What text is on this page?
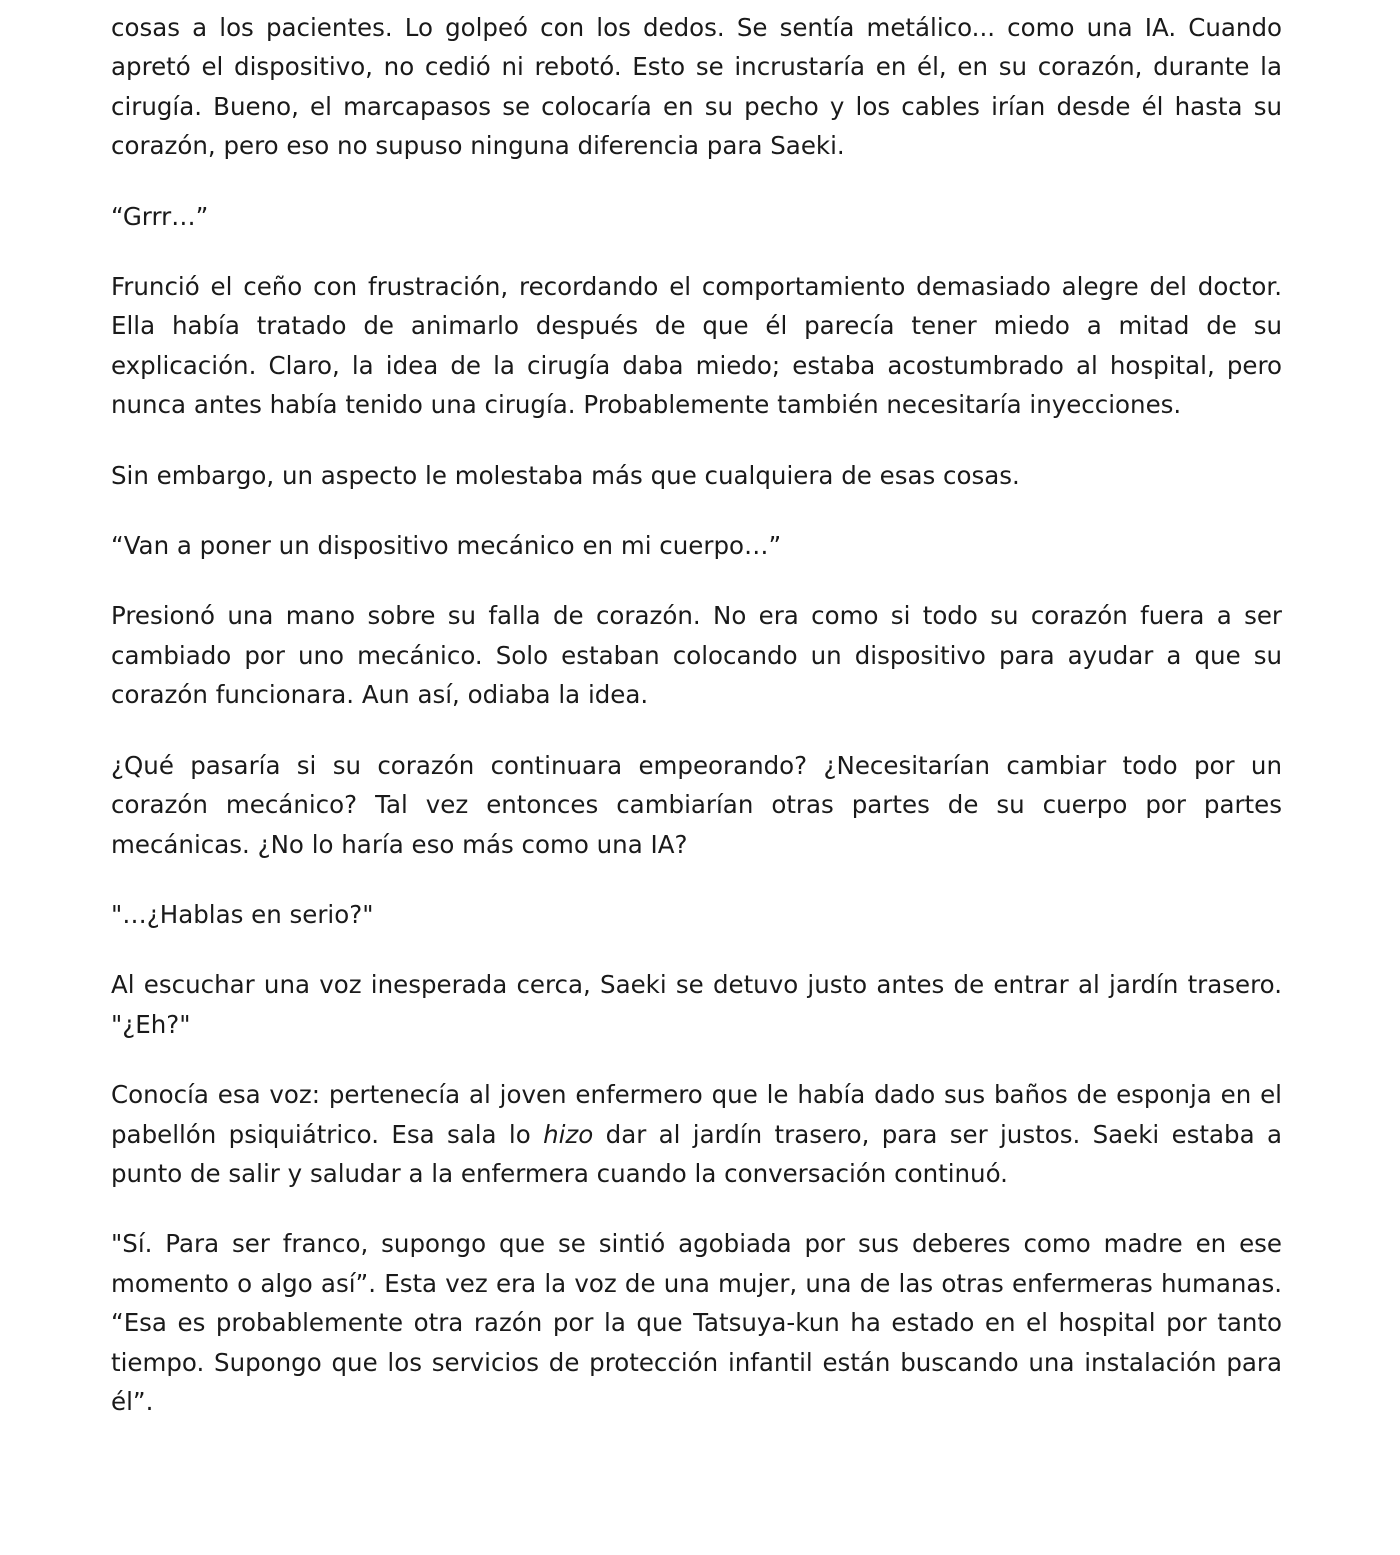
cosas a los pacientes. Lo golpeó con los dedos. Se sentía metálico... como una IA. Cuando apretó el dispositivo, no cedió ni rebotó. Esto se incrustaría en él, en su corazón, durante la cirugía. Bueno, el marcapasos se colocaría en su pecho y los cables irían desde él hasta su corazón, pero eso no supuso ninguna diferencia para Saeki.

“Grrr…”

Frunció el ceño con frustración, recordando el comportamiento demasiado alegre del doctor. Ella había tratado de animarlo después de que él parecía tener miedo a mitad de su explicación. Claro, la idea de la cirugía daba miedo; estaba acostumbrado al hospital, pero nunca antes había tenido una cirugía. Probablemente también necesitaría inyecciones.

Sin embargo, un aspecto le molestaba más que cualquiera de esas cosas.

“Van a poner un dispositivo mecánico en mi cuerpo…”

Presionó una mano sobre su falla de corazón. No era como si todo su corazón fuera a ser cambiado por uno mecánico. Solo estaban colocando un dispositivo para ayudar a que su corazón funcionara. Aun así, odiaba la idea.

¿Qué pasaría si su corazón continuara empeorando? ¿Necesitarían cambiar todo por un corazón mecánico? Tal vez entonces cambiarían otras partes de su cuerpo por partes mecánicas. ¿No lo haría eso más como una IA?

"…¿Hablas en serio?"

Al escuchar una voz inesperada cerca, Saeki se detuvo justo antes de entrar al jardín trasero. "¿Eh?"

Conocía esa voz: pertenecía al joven enfermero que le había dado sus baños de esponja en el pabellón psiquiátrico. Esa sala lo hizo dar al jardín trasero, para ser justos. Saeki estaba a punto de salir y saludar a la enfermera cuando la conversación continuó.

"Sí. Para ser franco, supongo que se sintió agobiada por sus deberes como madre en ese momento o algo así”. Esta vez era la voz de una mujer, una de las otras enfermeras humanas. “Esa es probablemente otra razón por la que Tatsuya-kun ha estado en el hospital por tanto tiempo. Supongo que los servicios de protección infantil están buscando una instalación para él”.
